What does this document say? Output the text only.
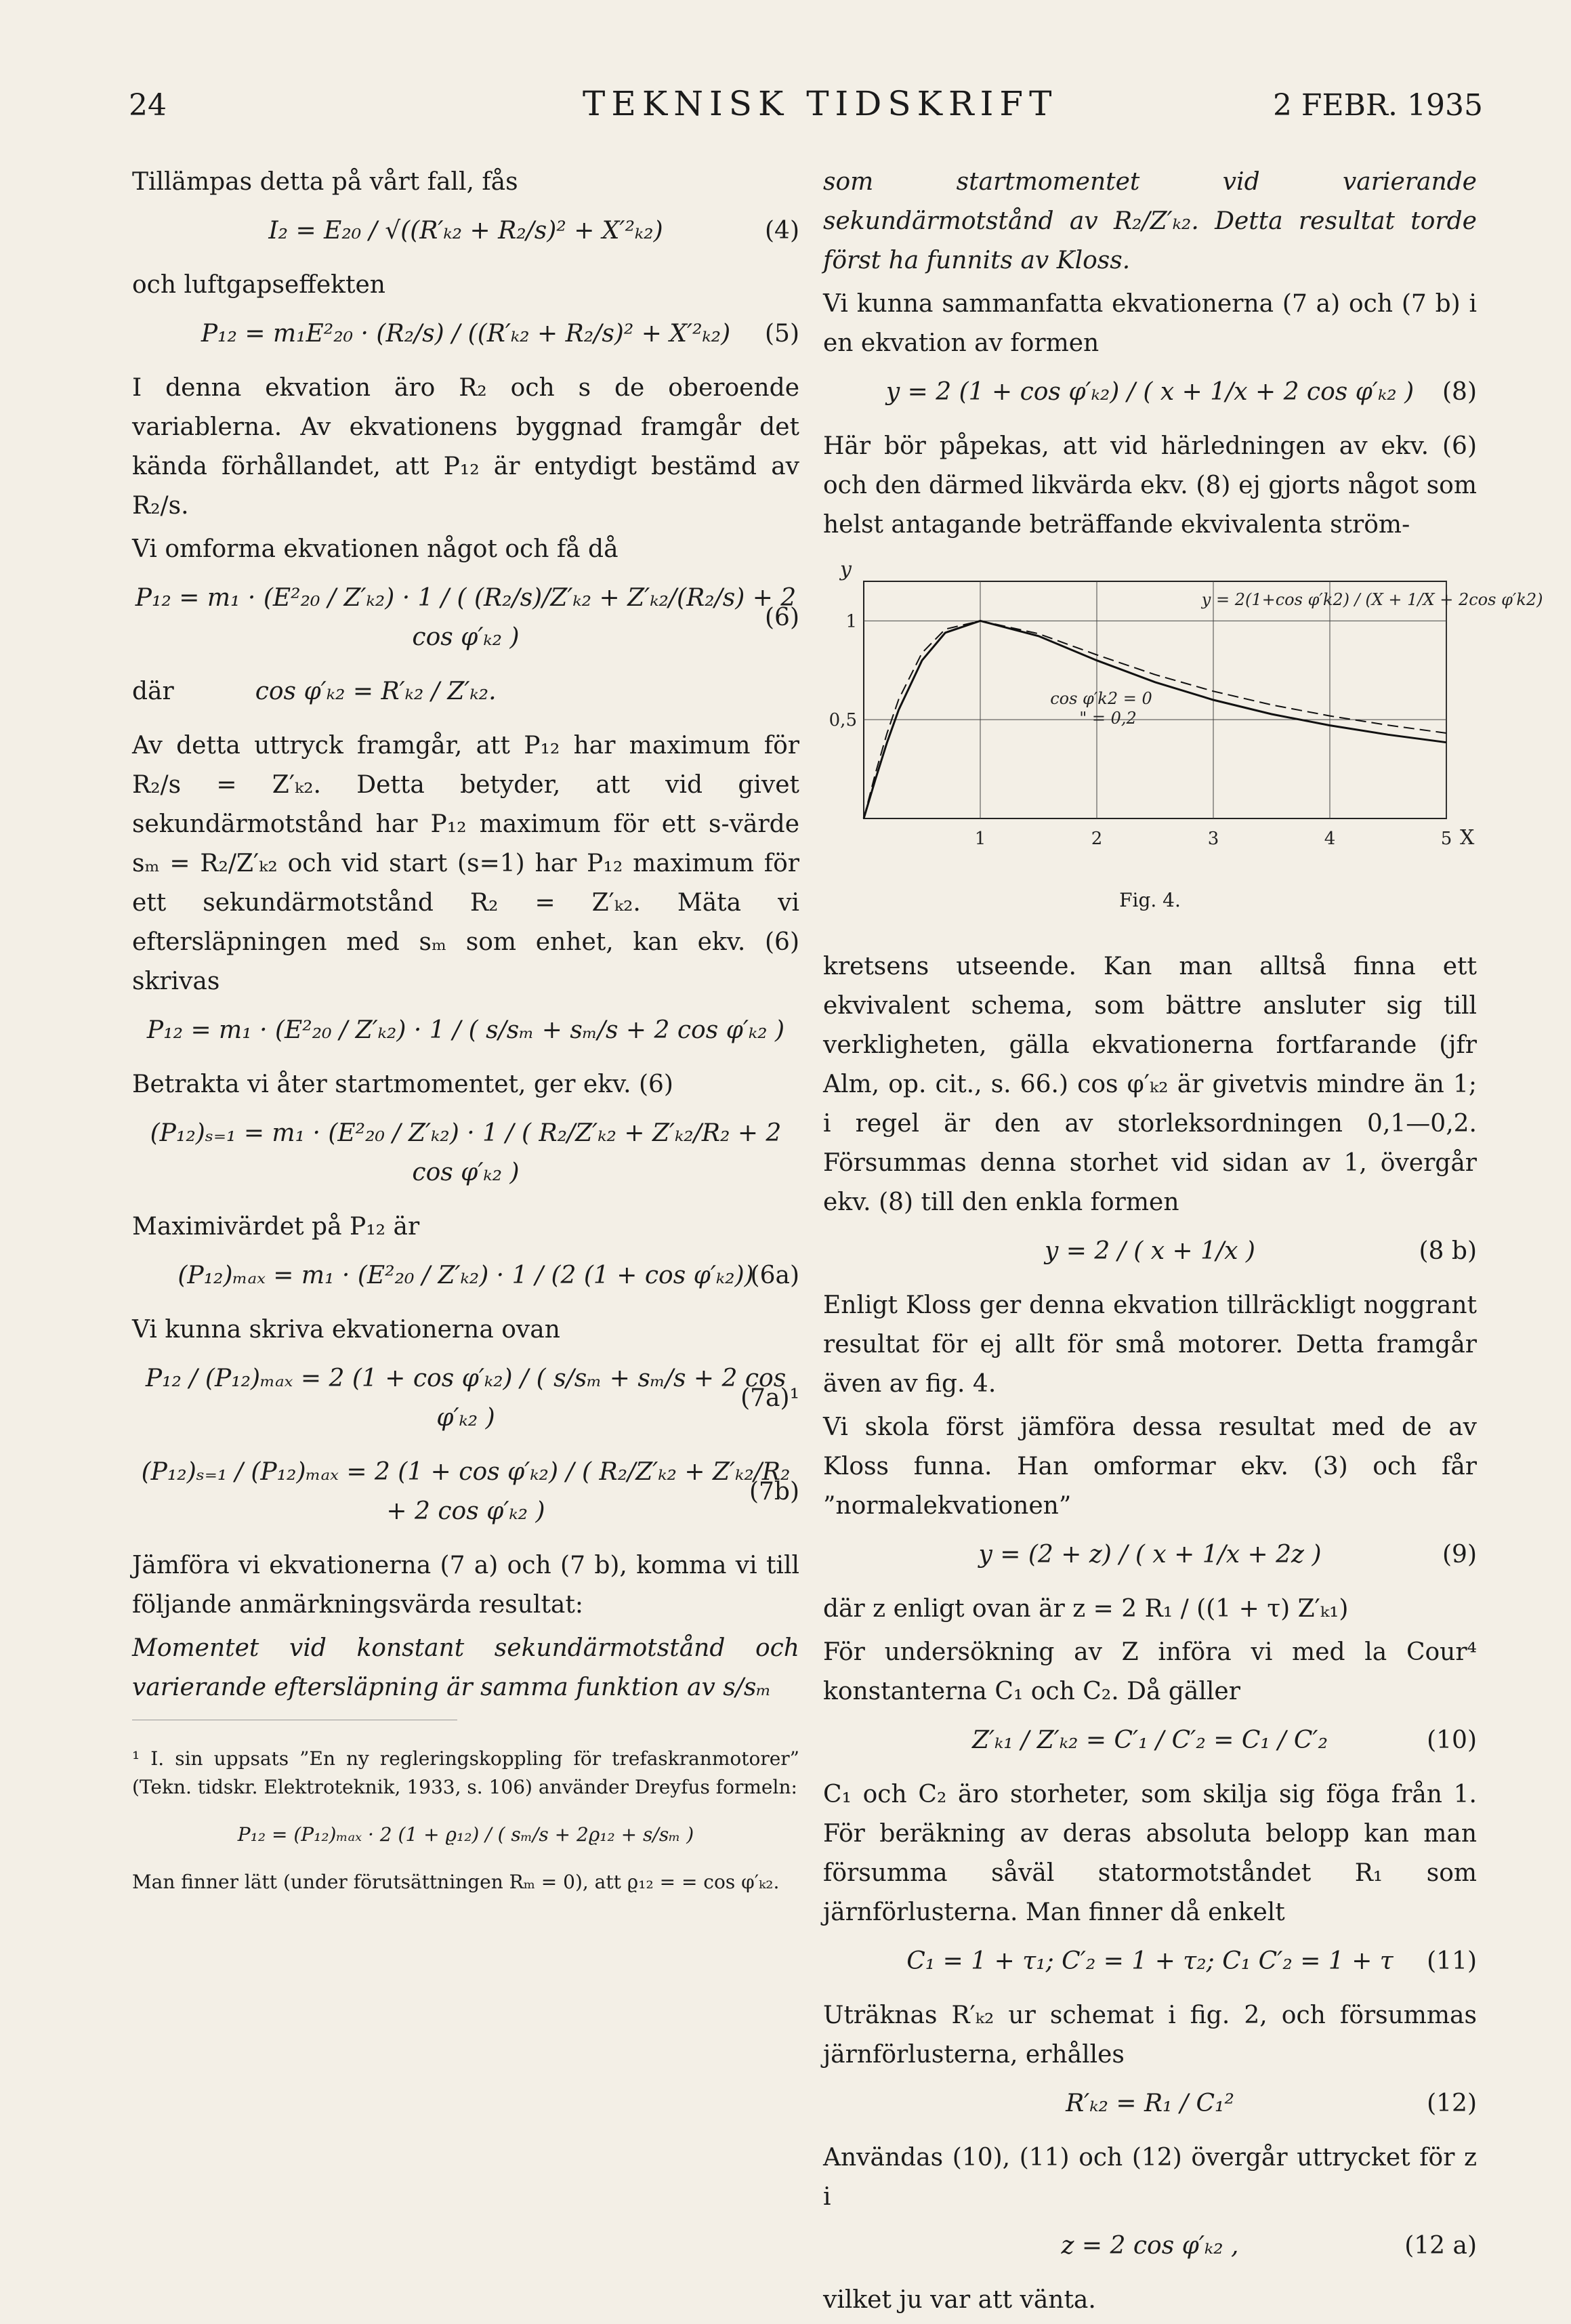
24	TEKNISK TIDSKRIFT	2 FEBR. 1935

Tillämpas detta på vårt fall, fås

I₂ = E₂₀ / √((R′ₖ₂ + R₂/s)² + X′²ₖ₂)	(4)

och luftgapseffekten

P₁₂ = m₁E²₂₀ · (R₂/s) / ((R′ₖ₂ + R₂/s)² + X′²ₖ₂) (5)

I denna ekvation äro R₂ och s de oberoende variablerna. Av ekvationens byggnad framgår det kända förhållandet, att P₁₂ är entydigt bestämd av R₂/s.

Vi omforma ekvationen något och få då

P₁₂ = m₁ · (E²₂₀ / Z′ₖ₂) · 1 / ( (R₂/s)/Z′ₖ₂ + Z′ₖ₂/(R₂/s) + 2 cos φ′ₖ₂ )
(6)
där	cos φ′ₖ₂ = R′ₖ₂ / Z′ₖ₂.

Av detta uttryck framgår, att P₁₂ har maximum för R₂/s = Z′ₖ₂. Detta betyder, att vid givet sekundärmotstånd har P₁₂ maximum för ett s-värde sₘ = R₂/Z′ₖ₂ och vid start (s=1) har P₁₂ maximum för ett sekundärmotstånd R₂ = Z′ₖ₂. Mäta vi eftersläpningen med sₘ som enhet, kan ekv. (6) skrivas

P₁₂ = m₁ · (E²₂₀ / Z′ₖ₂) · 1 / ( s/sₘ + sₘ/s + 2 cos φ′ₖ₂ )

Betrakta vi åter startmomentet, ger ekv. (6)

(P₁₂)ₛ₌₁ = m₁ · (E²₂₀ / Z′ₖ₂) · 1 / ( R₂/Z′ₖ₂ + Z′ₖ₂/R₂ + 2 cos φ′ₖ₂ )

Maximivärdet på P₁₂ är

(P₁₂)ₘₐₓ = m₁ · (E²₂₀ / Z′ₖ₂) · 1 / (2 (1 + cos φ′ₖ₂))
(6a)

Vi kunna skriva ekvationerna ovan

P₁₂ / (P₁₂)ₘₐₓ = 2 (1 + cos φ′ₖ₂) / ( s/sₘ + sₘ/s + 2 cos φ′ₖ₂ )
(7a)¹
(P₁₂)ₛ₌₁ / (P₁₂)ₘₐₓ = 2 (1 + cos φ′ₖ₂) / ( R₂/Z′ₖ₂ + Z′ₖ₂/R₂ + 2 cos φ′ₖ₂ )
(7b)

Jämföra vi ekvationerna (7 a) och (7 b), komma vi till följande anmärkningsvärda resultat:

Momentet vid konstant sekundärmotstånd och varierande eftersläpning är samma funktion av s/sₘ

¹ I. sin uppsats ”En ny regleringskoppling för trefaskranmotorer” (Tekn. tidskr. Elektroteknik, 1933, s. 106) använder Dreyfus formeln:

P₁₂ = (P₁₂)ₘₐₓ · 2 (1 + ϱ₁₂) / ( sₘ/s + 2ϱ₁₂ + s/sₘ )

Man finner lätt (under förutsättningen Rₘ = 0), att ϱ₁₂ = = cos φ′ₖ₂.

som startmomentet vid varierande sekundärmotstånd av R₂/Z′ₖ₂. Detta resultat torde först ha funnits av Kloss.

Vi kunna sammanfatta ekvationerna (7 a) och (7 b) i en ekvation av formen

y = 2 (1 + cos φ′ₖ₂) / ( x + 1/x + 2 cos φ′ₖ₂ ) (8)

Här bör påpekas, att vid härledningen av ekv. (6) och den därmed likvärda ekv. (8) ej gjorts något som helst antagande beträffande ekvivalenta ström-

1	2	3	4	5
0,5
1
X
y
cos φ′k2 = 0
" = 0,2
y = 2(1+cos φ′k2) / (X + 1/X + 2cos φ′k2)
Fig. 4.

kretsens utseende. Kan man alltså finna ett ekvivalent schema, som bättre ansluter sig till verkligheten, gälla ekvationerna fortfarande (jfr Alm, op. cit., s. 66.) cos φ′ₖ₂ är givetvis mindre än 1; i regel är den av storleksordningen 0,1—0,2. Försummas denna storhet vid sidan av 1, övergår ekv. (8) till den enkla formen

y = 2 / ( x + 1/x )	(8 b)

Enligt Kloss ger denna ekvation tillräckligt noggrant resultat för ej allt för små motorer. Detta framgår även av fig. 4.

Vi skola först jämföra dessa resultat med de av Kloss funna. Han omformar ekv. (3) och får ”normalekvationen”

y = (2 + z) / ( x + 1/x + 2z )	(9)

där z enligt ovan är z = 2 R₁ / ((1 + τ) Z′ₖ₁)

För undersökning av Z införa vi med la Cour⁴ konstanterna C₁ och C₂. Då gäller

Z′ₖ₁ / Z′ₖ₂ = C′₁ / C′₂ = C₁ / C′₂	(10)

C₁ och C₂ äro storheter, som skilja sig föga från 1. För beräkning av deras absoluta belopp kan man försumma såväl statormotståndet R₁ som järnförlusterna. Man finner då enkelt

C₁ = 1 + τ₁; C′₂ = 1 + τ₂; C₁ C′₂ = 1 + τ (11)

Uträknas R′ₖ₂ ur schemat i fig. 2, och försummas järnförlusterna, erhålles

R′ₖ₂ = R₁ / C₁²	(12)

Användas (10), (11) och (12) övergår uttrycket för z i

z = 2 cos φ′ₖ₂ ,	(12 a)

vilket ju var att vänta.
